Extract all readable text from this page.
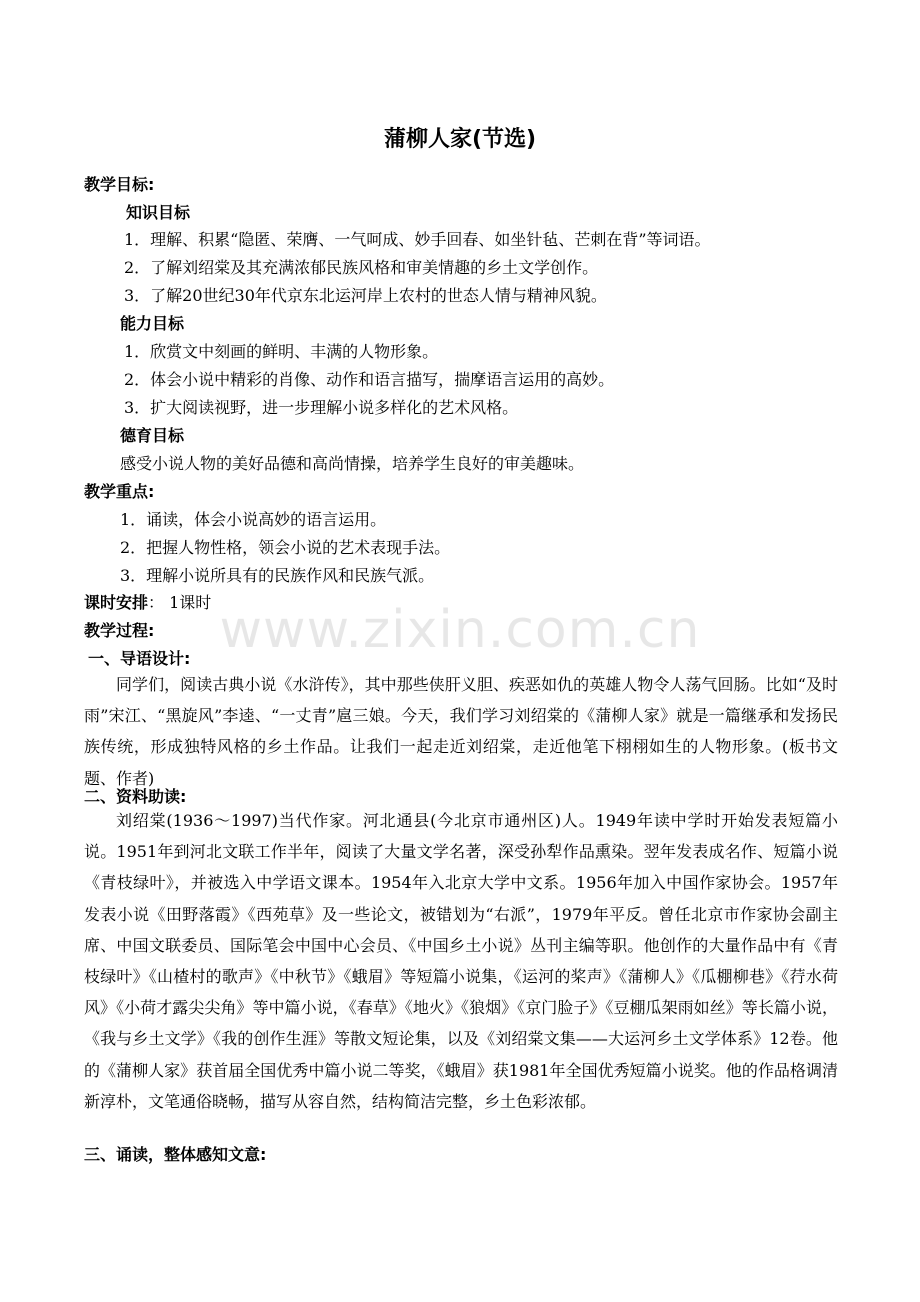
www.zixin.com.cn
蒲柳人家(节选)
教学目标:
知识目标
1．理解、积累“隐匿、荣膺、一气呵成、妙手回春、如坐针毡、芒刺在背”等词语。
2．了解刘绍棠及其充满浓郁民族风格和审美情趣的乡土文学创作。
3．了解20世纪30年代京东北运河岸上农村的世态人情与精神风貌。
能力目标
1．欣赏文中刻画的鲜明、丰满的人物形象。
2．体会小说中精彩的肖像、动作和语言描写，揣摩语言运用的高妙。
3．扩大阅读视野，进一步理解小说多样化的艺术风格。
德育目标
感受小说人物的美好品德和高尚情操，培养学生良好的审美趣味。
教学重点:
1．诵读，体会小说高妙的语言运用。
2．把握人物性格，领会小说的艺术表现手法。
3．理解小说所具有的民族作风和民族气派。
课时安排： 1课时
教学过程:
一、导语设计:
同学们，阅读古典小说《水浒传》，其中那些侠肝义胆、疾恶如仇的英雄人物令人荡气回肠。比如“及时雨”宋江、“黑旋风”李逵、“一丈青”扈三娘。今天，我们学习刘绍棠的《蒲柳人家》就是一篇继承和发扬民族传统，形成独特风格的乡土作品。让我们一起走近刘绍棠，走近他笔下栩栩如生的人物形象。(板书文题、作者)
二、资料助读:
刘绍棠(1936～1997)当代作家。河北通县(今北京市通州区)人。1949年读中学时开始发表短篇小说。1951年到河北文联工作半年，阅读了大量文学名著，深受孙犁作品熏染。翌年发表成名作、短篇小说《青枝绿叶》，并被选入中学语文课本。1954年入北京大学中文系。1956年加入中国作家协会。1957年发表小说《田野落霞》《西苑草》及一些论文，被错划为“右派”，1979年平反。曾任北京市作家协会副主席、中国文联委员、国际笔会中国中心会员、《中国乡土小说》丛刊主编等职。他创作的大量作品中有《青枝绿叶》《山楂村的歌声》《中秋节》《蛾眉》等短篇小说集，《运河的桨声》《蒲柳人》《瓜棚柳巷》《荇水荷风》《小荷才露尖尖角》等中篇小说，《春草》《地火》《狼烟》《京门脸子》《豆棚瓜架雨如丝》等长篇小说，《我与乡土文学》《我的创作生涯》等散文短论集，以及《刘绍棠文集——大运河乡土文学体系》12卷。他的《蒲柳人家》获首届全国优秀中篇小说二等奖，《蛾眉》获1981年全国优秀短篇小说奖。他的作品格调清新淳朴，文笔通俗晓畅，描写从容自然，结构简洁完整，乡土色彩浓郁。
三、诵读，整体感知文意:
